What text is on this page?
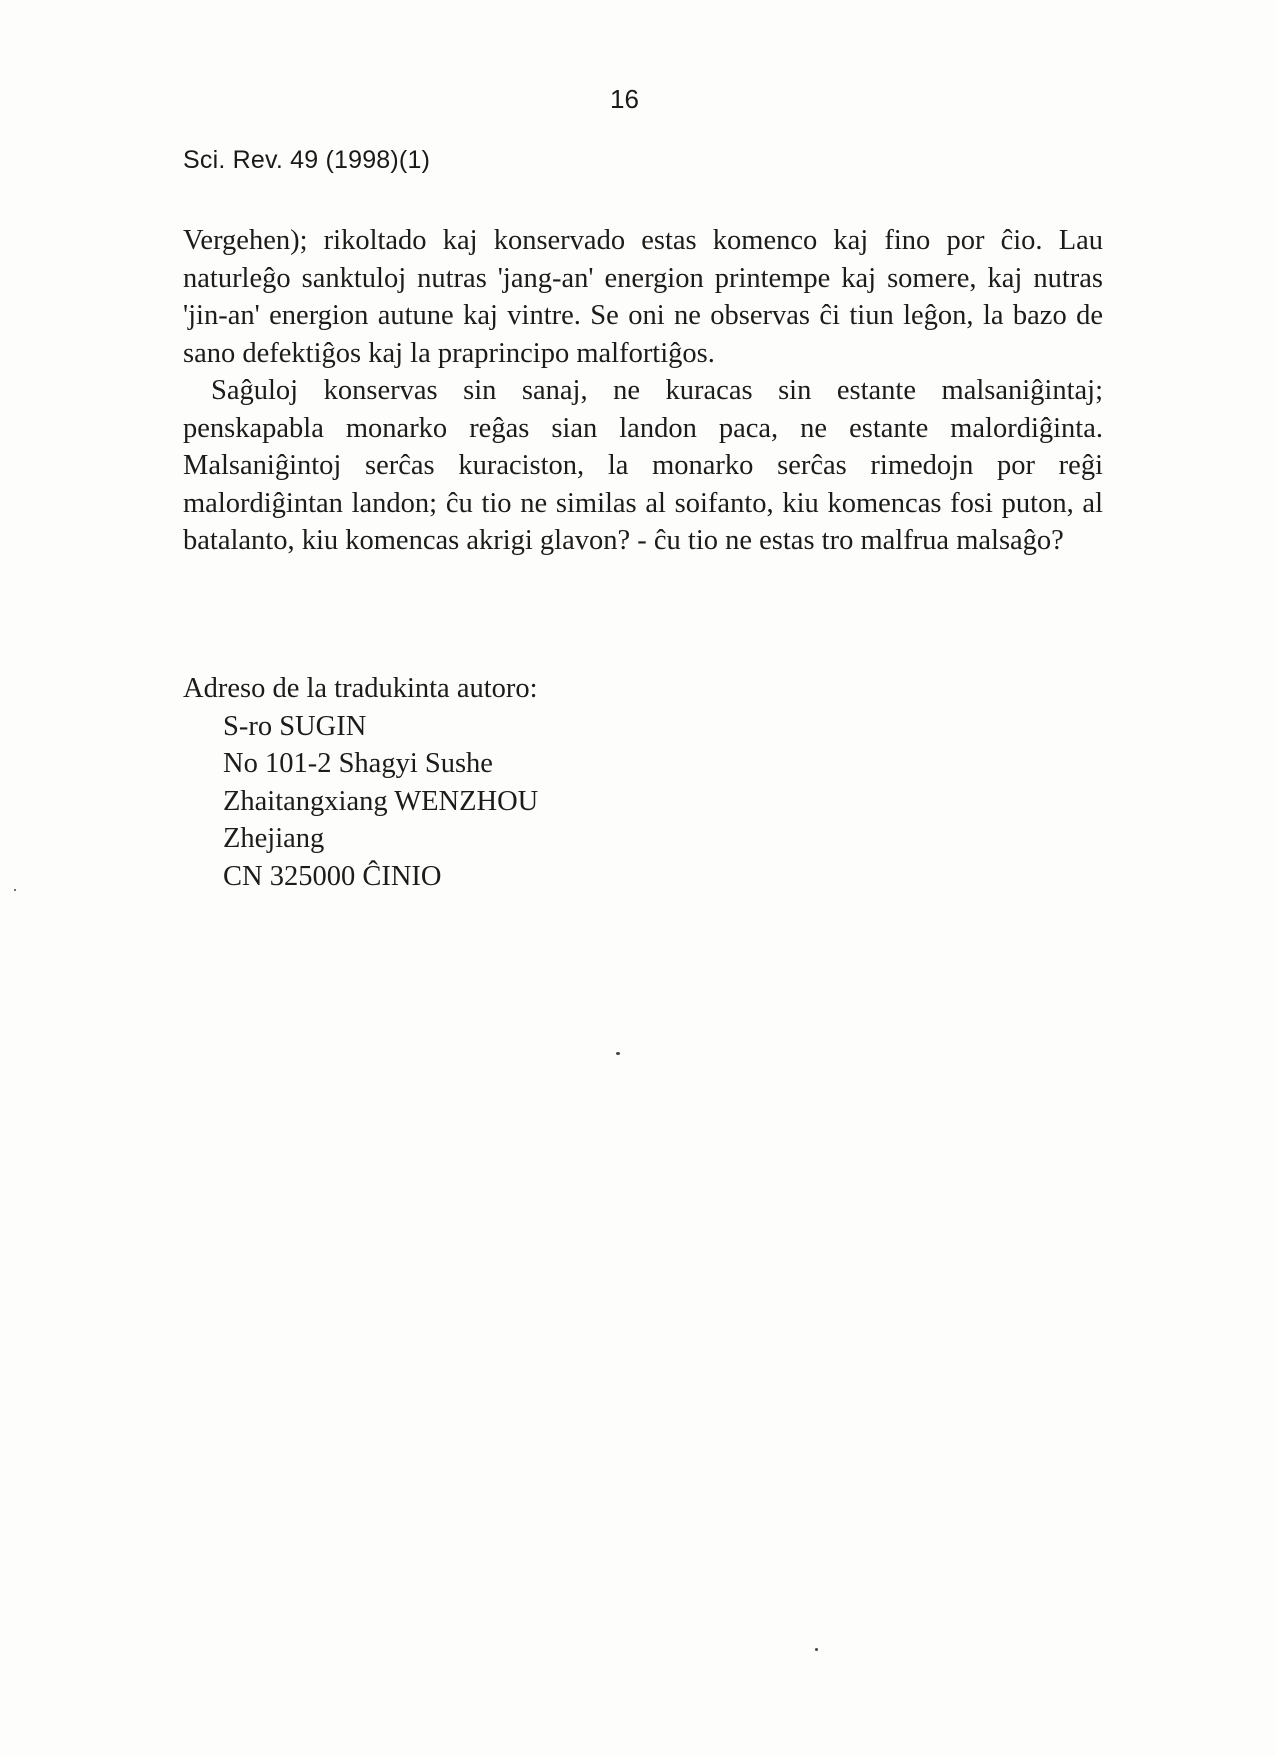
16
Sci. Rev. 49 (1998)(1)

Vergehen); rikoltado kaj konservado estas komenco kaj fino por ĉio. Lau naturleĝo sanktuloj nutras 'jang-an' energion printempe kaj somere, kaj nutras 'jin-an' energion autune kaj vintre. Se oni ne observas ĉi tiun leĝon, la bazo de sano defektiĝos kaj la praprincipo malfortiĝos.

Saĝuloj konservas sin sanaj, ne kuracas sin estante malsaniĝintaj; penskapabla monarko reĝas sian landon paca, ne estante malordiĝinta. Malsaniĝintoj serĉas kuraciston, la monarko serĉas rimedojn por reĝi malordiĝintan landon; ĉu tio ne similas al soifanto, kiu komencas fosi puton, al batalanto, kiu komencas akrigi glavon? - ĉu tio ne estas tro malfrua malsaĝo?

Adreso de la tradukinta autoro:
S-ro SUGIN
No 101-2 Shagyi Sushe
Zhaitangxiang WENZHOU
Zhejiang
CN 325000 ĈINIO
